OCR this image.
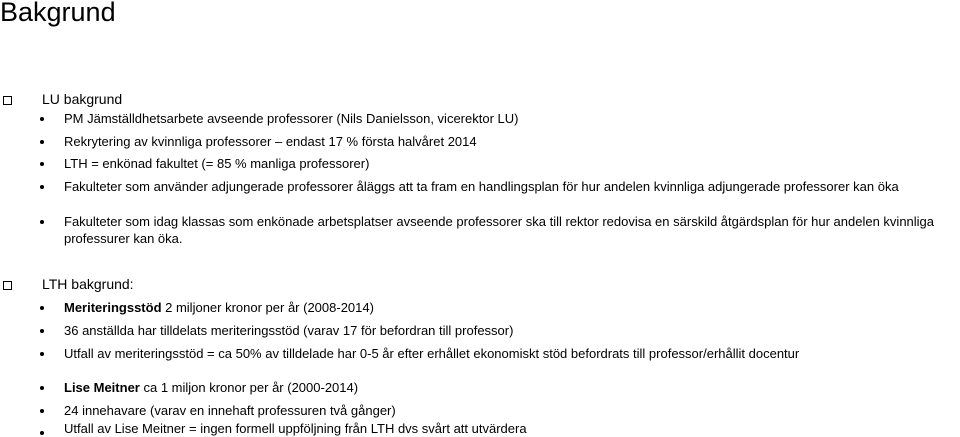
Bakgrund
LU bakgrund
PM Jämställdhetsarbete avseende professorer (Nils Danielsson, vicerektor LU)
Rekrytering av kvinnliga professorer – endast 17 % första halvåret 2014
LTH = enkönad fakultet (= 85 % manliga professorer)
Fakulteter som använder adjungerade professorer åläggs att ta fram en handlingsplan för hur andelen kvinnliga adjungerade professorer kan öka
Fakulteter som idag klassas som enkönade arbetsplatser avseende professorer ska till rektor redovisa en särskild åtgärdsplan för hur andelen kvinnliga professurer kan öka.
LTH bakgrund:
Meriteringsstöd 2 miljoner kronor per år (2008-2014)
36 anställda har tilldelats meriteringsstöd (varav 17 för befordran till professor)
Utfall av meriteringsstöd = ca 50% av tilldelade har 0-5 år efter erhållet ekonomiskt stöd befordrats till professor/erhållit docentur
Lise Meitner ca 1 miljon kronor per år (2000-2014)
24 innehavare (varav en innehaft professuren två gånger)
Utfall av Lise Meitner = ingen formell uppföljning från LTH dvs svårt att utvärdera
